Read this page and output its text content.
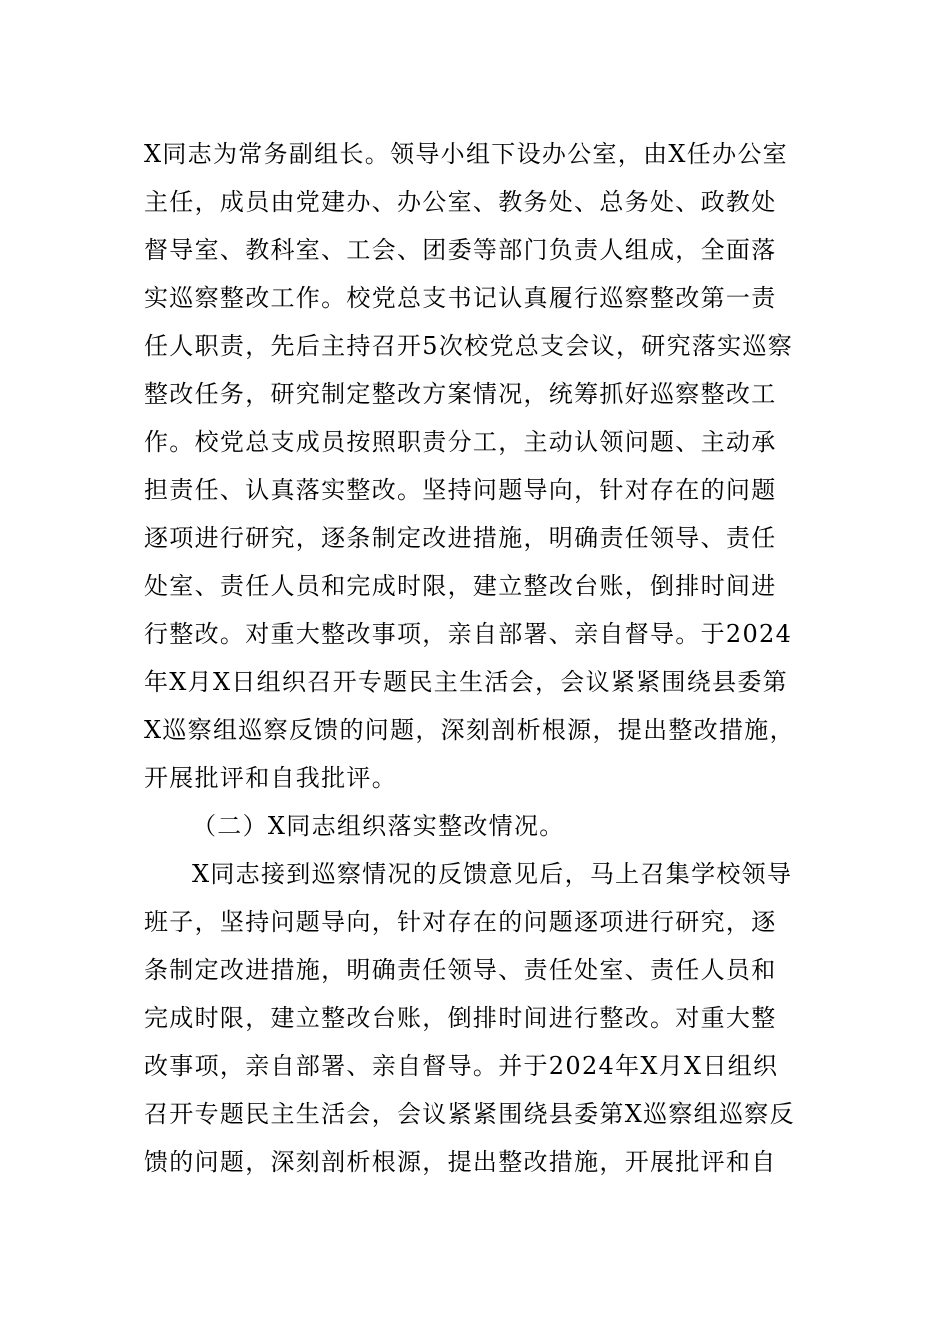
X同志为常务副组长。领导小组下设办公室，由X任办公室
主任，成员由党建办、办公室、教务处、总务处、政教处
督导室、教科室、工会、团委等部门负责人组成，全面落
实巡察整改工作。校党总支书记认真履行巡察整改第一责
任人职责，先后主持召开5次校党总支会议，研究落实巡察
整改任务，研究制定整改方案情况，统筹抓好巡察整改工
作。校党总支成员按照职责分工，主动认领问题、主动承
担责任、认真落实整改。坚持问题导向，针对存在的问题
逐项进行研究，逐条制定改进措施，明确责任领导、责任
处室、责任人员和完成时限，建立整改台账，倒排时间进
行整改。对重大整改事项，亲自部署、亲自督导。于2024
年X月X日组织召开专题民主生活会，会议紧紧围绕县委第
X巡察组巡察反馈的问题，深刻剖析根源，提出整改措施，
开展批评和自我批评。
（二）X同志组织落实整改情况。
X同志接到巡察情况的反馈意见后，马上召集学校领导
班子，坚持问题导向，针对存在的问题逐项进行研究，逐
条制定改进措施，明确责任领导、责任处室、责任人员和
完成时限，建立整改台账，倒排时间进行整改。对重大整
改事项，亲自部署、亲自督导。并于2024年X月X日组织
召开专题民主生活会，会议紧紧围绕县委第X巡察组巡察反
馈的问题，深刻剖析根源，提出整改措施，开展批评和自
